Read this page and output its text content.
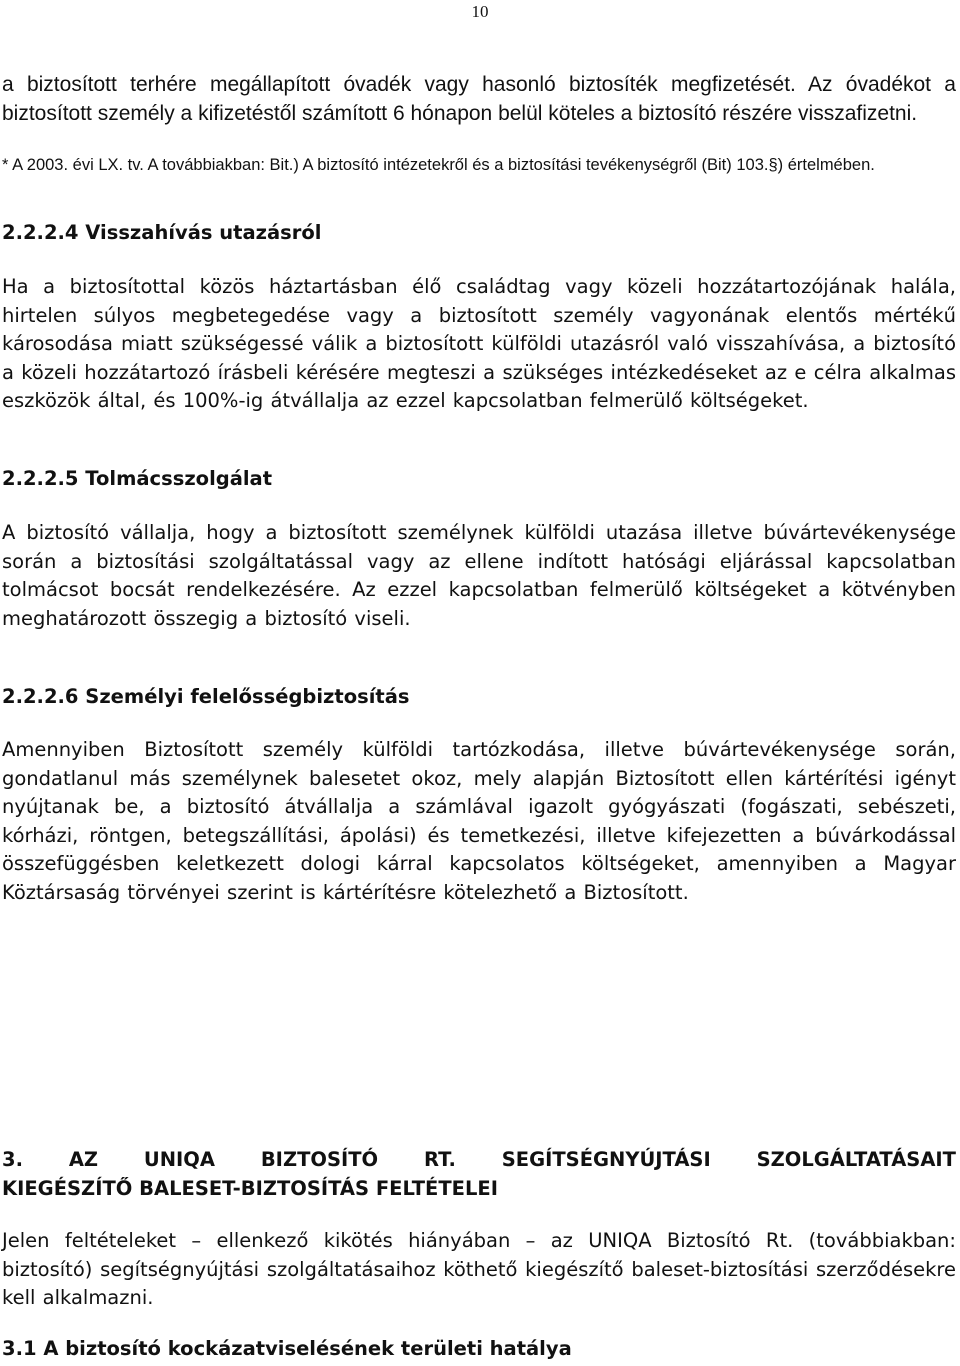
10
a biztosított terhére megállapított óvadék vagy hasonló biztosíték megfizetését. Az óvadékot a biztosított személy a kifizetéstől számított 6 hónapon belül köteles a biztosító részére visszafizetni.
* A 2003. évi LX. tv. A továbbiakban: Bit.) A biztosító intézetekről és a biztosítási tevékenységről (Bit) 103.§) értelmében.
2.2.2.4 Visszahívás utazásról
Ha a biztosítottal közös háztartásban élő családtag vagy közeli hozzátartozójának halála, hirtelen súlyos megbetegedése vagy a biztosított személy vagyonának elentős mértékű károsodása miatt szükségessé válik a biztosított külföldi utazásról való visszahívása, a biztosító a közeli hozzátartozó írásbeli kérésére megteszi a szükséges intézkedéseket az e célra alkalmas eszközök által, és 100%-ig átvállalja az ezzel kapcsolatban felmerülő költségeket.
2.2.2.5 Tolmácsszolgálat
A biztosító vállalja, hogy a biztosított személynek külföldi utazása illetve búvártevékenysége során a biztosítási szolgáltatással vagy az ellene indított hatósági eljárással kapcsolatban tolmácsot bocsát rendelkezésére. Az ezzel kapcsolatban felmerülő költségeket a kötvényben meghatározott összegig a biztosító viseli.
2.2.2.6 Személyi felelősségbiztosítás
Amennyiben Biztosított személy külföldi tartózkodása, illetve búvártevékenysége során, gondatlanul más személynek balesetet okoz, mely alapján Biztosított ellen kártérítési igényt nyújtanak be, a biztosító átvállalja a számlával igazolt gyógyászati (fogászati, sebészeti, kórházi, röntgen, betegszállítási, ápolási) és temetkezési, illetve kifejezetten a búvárkodással összefüggésben keletkezett dologi kárral kapcsolatos költségeket, amennyiben a Magyar Köztársaság törvényei szerint is kártérítésre kötelezhető a Biztosított.
3. AZ UNIQA BIZTOSÍTÓ RT. SEGÍTSÉGNYÚJTÁSI SZOLGÁLTATÁSAIT
KIEGÉSZÍTŐ BALESET-BIZTOSÍTÁS FELTÉTELEI
Jelen feltételeket – ellenkező kikötés hiányában – az UNIQA Biztosító Rt. (továbbiakban: biztosító) segítségnyújtási szolgáltatásaihoz köthető kiegészítő baleset-biztosítási szerződésekre kell alkalmazni.
3.1 A biztosító kockázatviselésének területi hatálya
